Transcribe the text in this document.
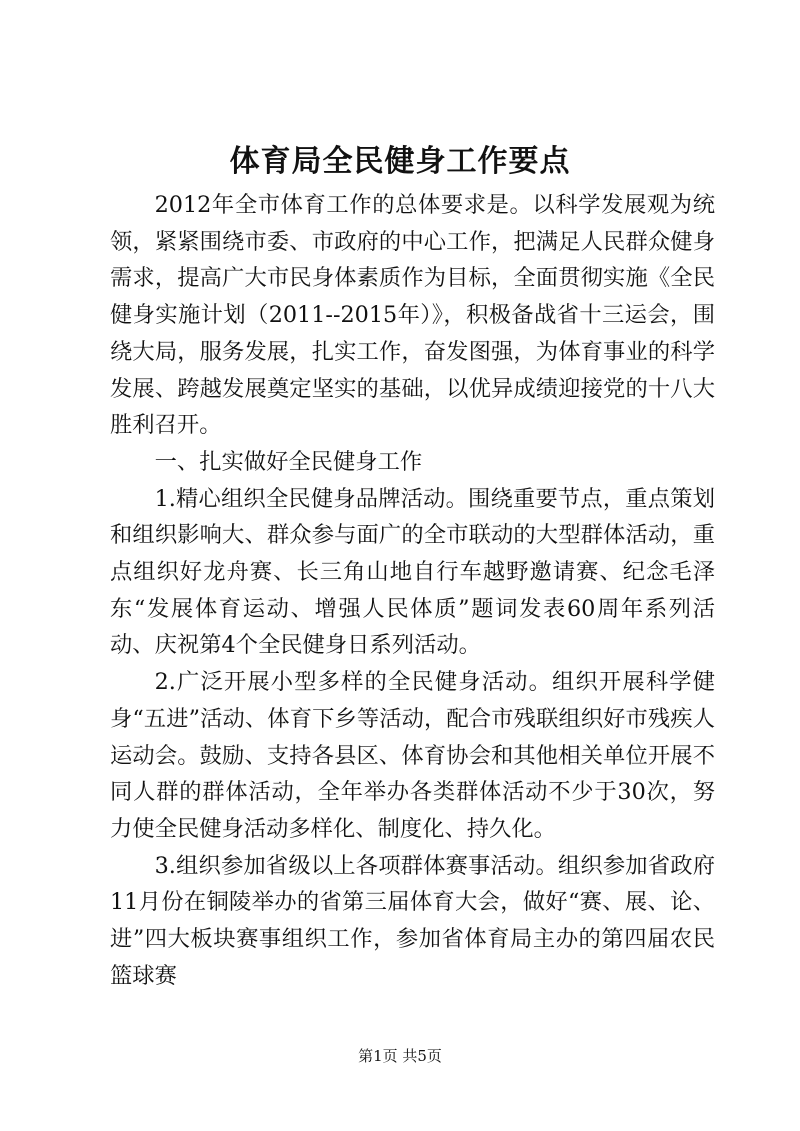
体育局全民健身工作要点

2012年全市体育工作的总体要求是。以科学发展观为统领，紧紧围绕市委、市政府的中心工作，把满足人民群众健身需求，提高广大市民身体素质作为目标，全面贯彻实施《全民健身实施计划（2011--2015年）》，积极备战省十三运会，围绕大局，服务发展，扎实工作，奋发图强，为体育事业的科学发展、跨越发展奠定坚实的基础，以优异成绩迎接党的十八大胜利召开。

一、扎实做好全民健身工作

1.精心组织全民健身品牌活动。围绕重要节点，重点策划和组织影响大、群众参与面广的全市联动的大型群体活动，重点组织好龙舟赛、长三角山地自行车越野邀请赛、纪念毛泽东“发展体育运动、增强人民体质”题词发表60周年系列活动、庆祝第4个全民健身日系列活动。

2.广泛开展小型多样的全民健身活动。组织开展科学健身“五进”活动、体育下乡等活动，配合市残联组织好市残疾人运动会。鼓励、支持各县区、体育协会和其他相关单位开展不同人群的群体活动，全年举办各类群体活动不少于30次，努力使全民健身活动多样化、制度化、持久化。

3.组织参加省级以上各项群体赛事活动。组织参加省政府11月份在铜陵举办的省第三届体育大会，做好“赛、展、论、进”四大板块赛事组织工作，参加省体育局主办的第四届农民篮球赛

第1页 共5页
